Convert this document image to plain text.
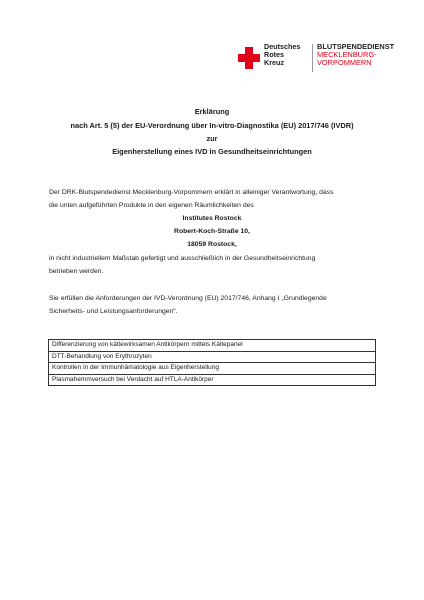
Deutsches
Rotes
Kreuz
BLUTSPENDEDIENST
MECKLENBURG-
VORPOMMERN
Erklärung
nach Art. 5 (5) der EU-Verordnung über In-vitro-Diagnostika (EU) 2017/746 (IVDR)
zur
Eigenherstellung eines IVD in Gesundheitseinrichtungen
Der DRK-Blutspendedienst Mecklenburg-Vorpommern erklärt in alleiniger Verantwortung, dass
die unten aufgeführten Produkte in den eigenen Räumlichkeiten des
Institutes Rostock
Robert-Koch-Straße 10,
18059 Rostock,
in nicht industriellem Maßstab gefertigt und ausschließlich in der Gesundheitseinrichtung
betrieben werden.
Sie erfüllen die Anforderungen der IVD-Verordnung (EU) 2017/746, Anhang I „Grundlegende
Sicherheits- und Leistungsanforderungen“.
Differenzierung von kältewirksamen Antikörpern mittels Kältepanel
DTT-Behandlung von Erythrozyten
Kontrollen in der Immunhämatologie aus Eigenherstellung
Plasmahemmversuch bei Verdacht auf HTLA-Antikörper
